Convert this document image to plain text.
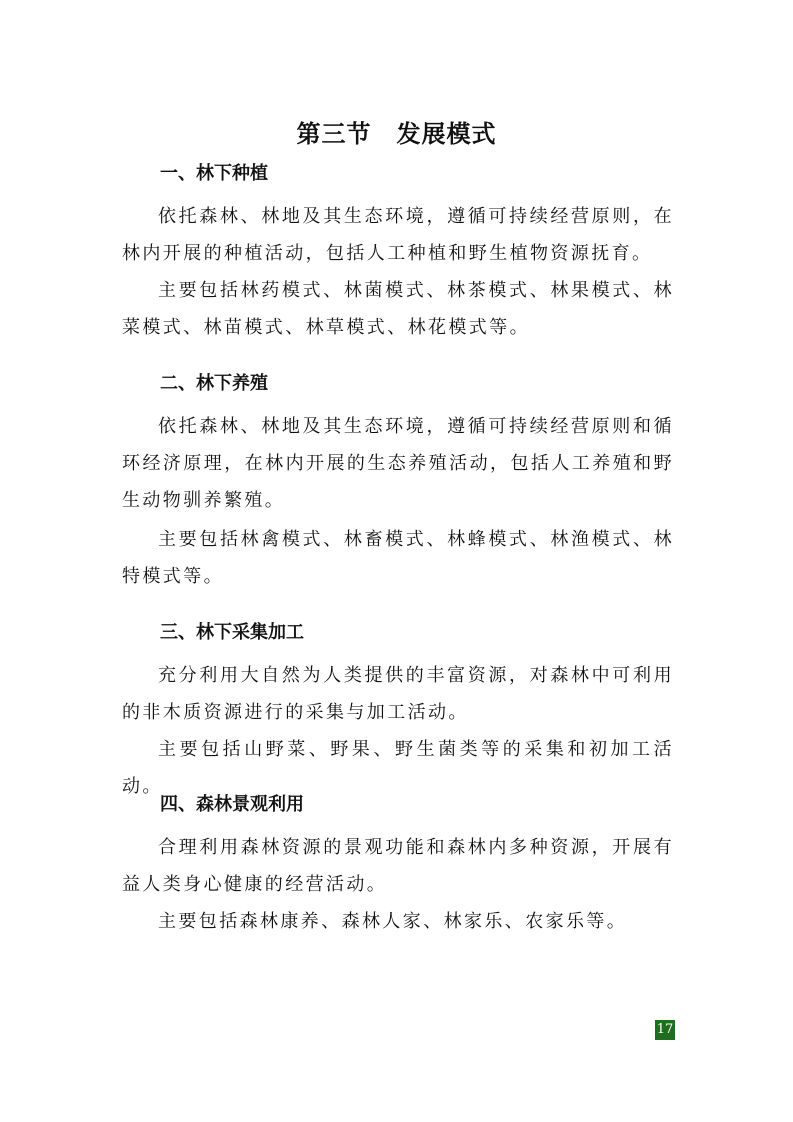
第三节　发展模式
一、林下种植

依托森林、林地及其生态环境，遵循可持续经营原则，在林内开展的种植活动，包括人工种植和野生植物资源抚育。

主要包括林药模式、林菌模式、林茶模式、林果模式、林菜模式、林苗模式、林草模式、林花模式等。

二、林下养殖

依托森林、林地及其生态环境，遵循可持续经营原则和循环经济原理，在林内开展的生态养殖活动，包括人工养殖和野生动物驯养繁殖。

主要包括林禽模式、林畜模式、林蜂模式、林渔模式、林特模式等。

三、林下采集加工

充分利用大自然为人类提供的丰富资源，对森林中可利用的非木质资源进行的采集与加工活动。

主要包括山野菜、野果、野生菌类等的采集和初加工活动。

四、森林景观利用

合理利用森林资源的景观功能和森林内多种资源，开展有益人类身心健康的经营活动。

主要包括森林康养、森林人家、林家乐、农家乐等。

17
